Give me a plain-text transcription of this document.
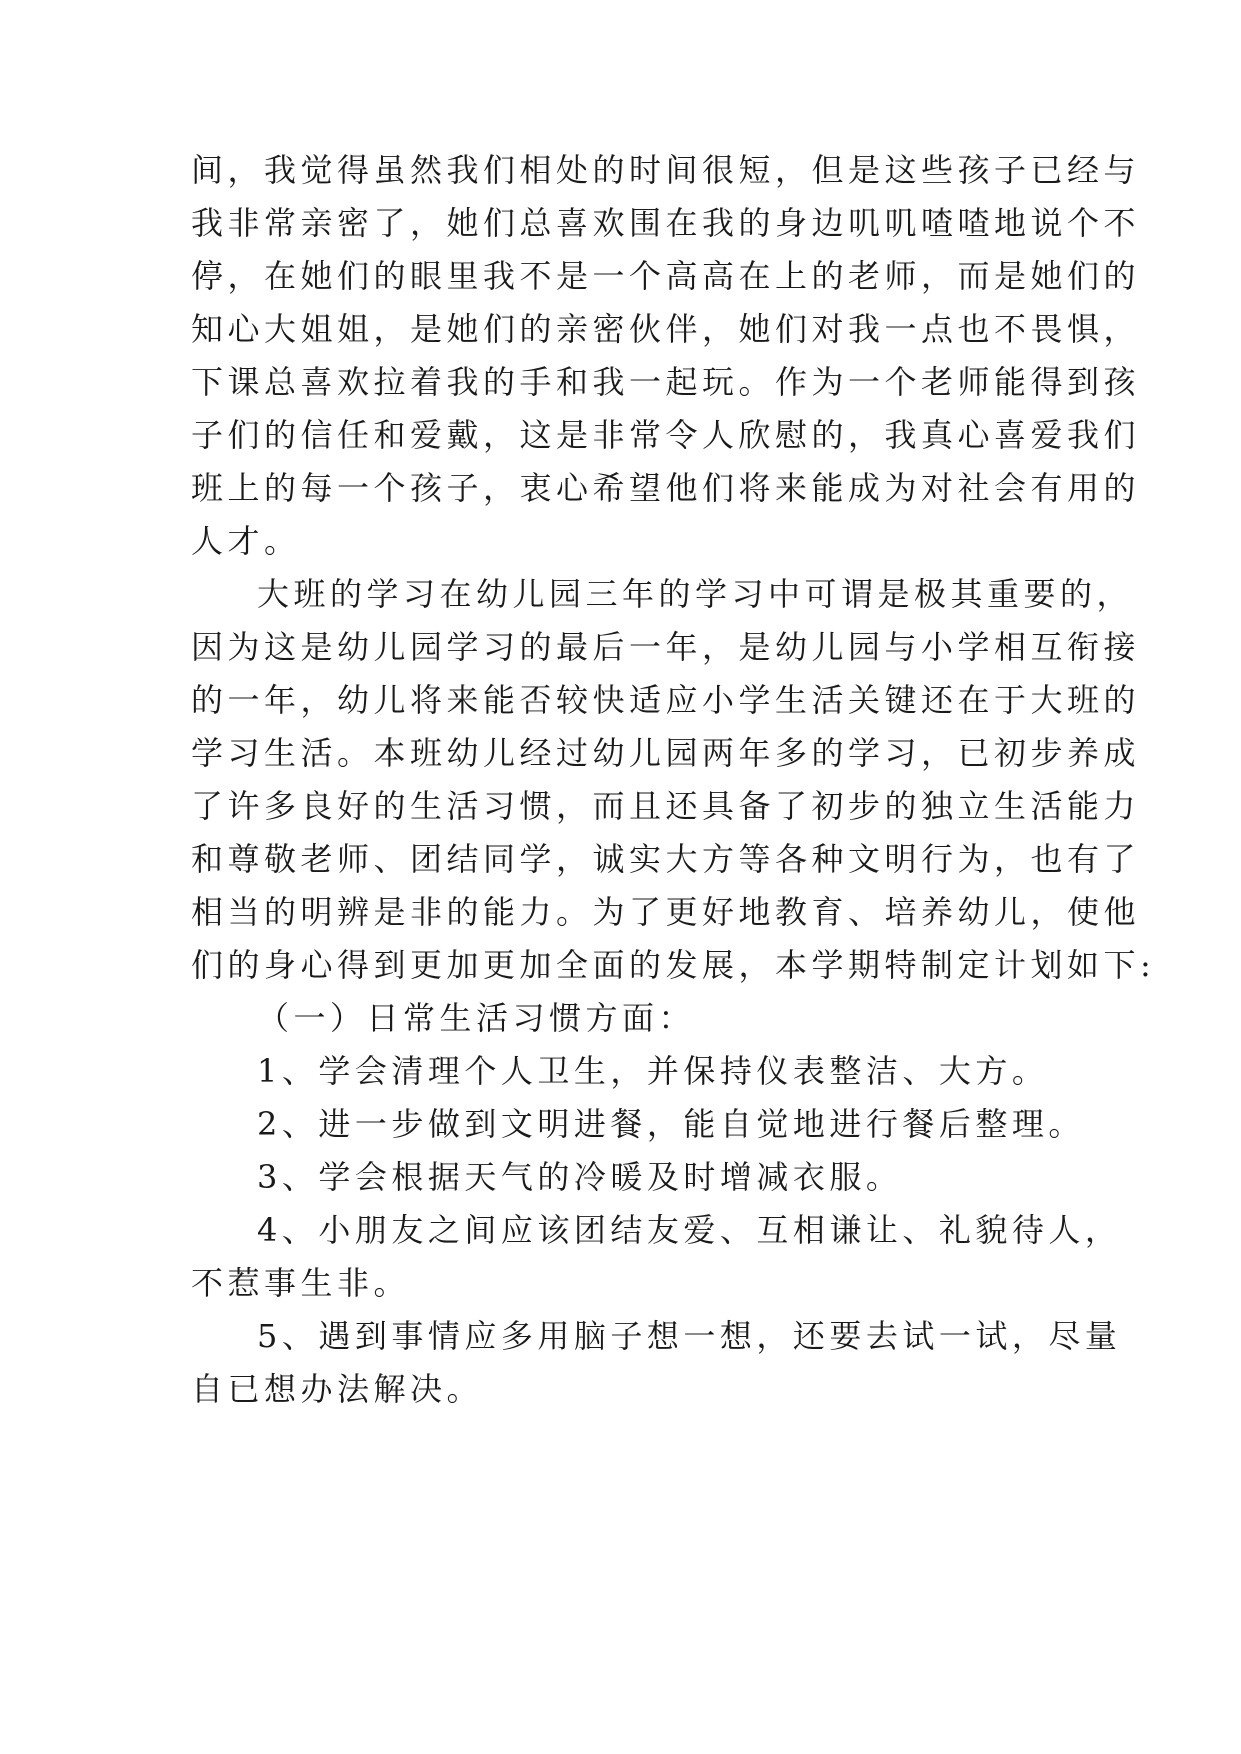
间，我觉得虽然我们相处的时间很短，但是这些孩子已经与
我非常亲密了，她们总喜欢围在我的身边叽叽喳喳地说个不
停，在她们的眼里我不是一个高高在上的老师，而是她们的
知心大姐姐，是她们的亲密伙伴，她们对我一点也不畏惧，
下课总喜欢拉着我的手和我一起玩。作为一个老师能得到孩
子们的信任和爱戴，这是非常令人欣慰的，我真心喜爱我们
班上的每一个孩子，衷心希望他们将来能成为对社会有用的
人才。
大班的学习在幼儿园三年的学习中可谓是极其重要的，
因为这是幼儿园学习的最后一年，是幼儿园与小学相互衔接
的一年，幼儿将来能否较快适应小学生活关键还在于大班的
学习生活。本班幼儿经过幼儿园两年多的学习，已初步养成
了许多良好的生活习惯，而且还具备了初步的独立生活能力
和尊敬老师、团结同学，诚实大方等各种文明行为，也有了
相当的明辨是非的能力。为了更好地教育、培养幼儿，使他
们的身心得到更加更加全面的发展，本学期特制定计划如下:
（一）日常生活习惯方面：
1、学会清理个人卫生，并保持仪表整洁、大方。
2、进一步做到文明进餐，能自觉地进行餐后整理。
3、学会根据天气的冷暖及时增减衣服。
4、小朋友之间应该团结友爱、互相谦让、礼貌待人，
不惹事生非。
5、遇到事情应多用脑子想一想，还要去试一试，尽量
自已想办法解决。
